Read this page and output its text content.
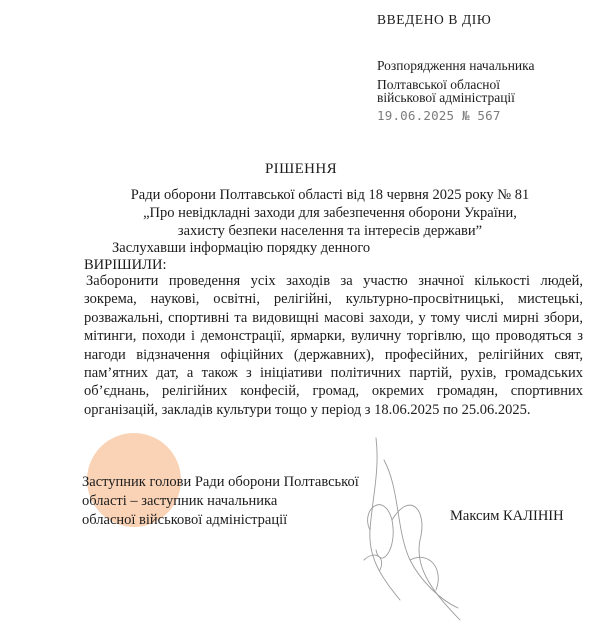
ВВЕДЕНО В ДІЮ
Розпорядження начальника
Полтавської обласної
військової адміністрації
19.06.2025 № 567
РІШЕННЯ
Ради оборони Полтавської області від 18 червня 2025 року № 81
„Про невідкладні заходи для забезпечення оборони України,
захисту безпеки населення та інтересів держави”
Заслухавши інформацію порядку денного
ВИРІШИЛИ:
Заборонити проведення усіх заходів за участю значної кількості людей, зокрема, наукові, освітні, релігійні, культурно-просвітницькі, мистецькі, розважальні, спортивні та видовищні масові заходи, у тому числі мирні збори, мітинги, походи і демонстрації, ярмарки, вуличну торгівлю, що проводяться з нагоди відзначення офіційних (державних), професійних, релігійних свят, пам’ятних дат, а також з ініціативи політичних партій, рухів, громадських об’єднань, релігійних конфесій, громад, окремих громадян, спортивних організацій, закладів культури тощо у період з 18.06.2025 по 25.06.2025.
Заступник голови Ради оборони Полтавської
області – заступник начальника
обласної військової адміністрації	Максим КАЛІНІН
